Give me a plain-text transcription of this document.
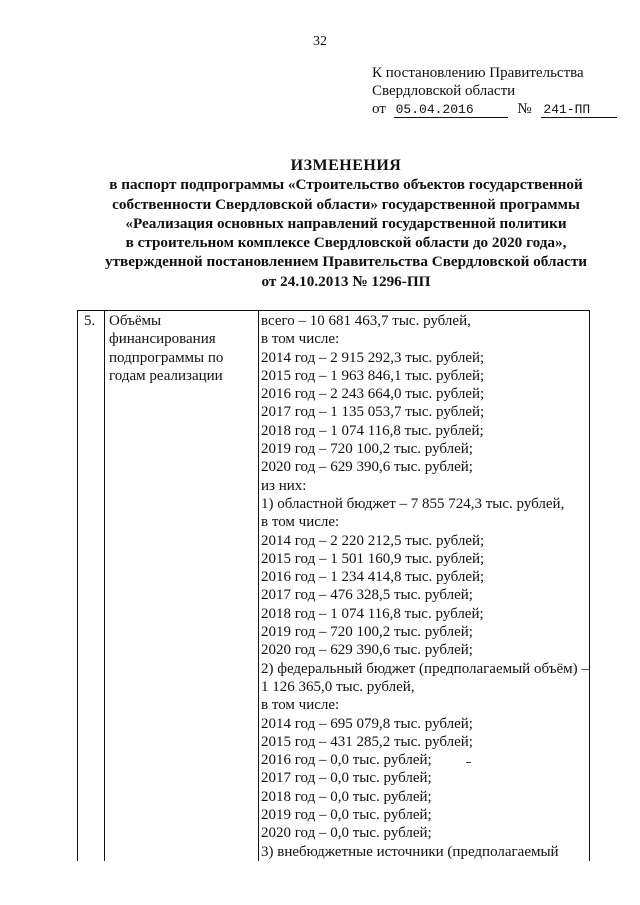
32
К постановлению Правительства
Свердловской области
от 05.04.2016	№ 241-ПП
ИЗМЕНЕНИЯ
в паспорт подпрограммы «Строительство объектов государственной
собственности Свердловской области» государственной программы
«Реализация основных направлений государственной политики
в строительном комплексе Свердловской области до 2020 года»,
утвержденной постановлением Правительства Свердловской области
от 24.10.2013 № 1296-ПП
5.	Объёмы финансирования подпрограммы по годам реализации

всего – 10 681 463,7 тыс. рублей,
в том числе:
2014 год – 2 915 292,3 тыс. рублей;
2015 год – 1 963 846,1 тыс. рублей;
2016 год – 2 243 664,0 тыс. рублей;
2017 год – 1 135 053,7 тыс. рублей;
2018 год – 1 074 116,8 тыс. рублей;
2019 год – 720 100,2 тыс. рублей;
2020 год – 629 390,6 тыс. рублей;
из них:
1) областной бюджет – 7 855 724,3 тыс. рублей,
в том числе:
2014 год – 2 220 212,5 тыс. рублей;
2015 год – 1 501 160,9 тыс. рублей;
2016 год – 1 234 414,8 тыс. рублей;
2017 год – 476 328,5 тыс. рублей;
2018 год – 1 074 116,8 тыс. рублей;
2019 год – 720 100,2 тыс. рублей;
2020 год – 629 390,6 тыс. рублей;
2) федеральный бюджет (предполагаемый объём) –
1 126 365,0 тыс. рублей,
в том числе:
2014 год – 695 079,8 тыс. рублей;
2015 год – 431 285,2 тыс. рублей;
2016 год – 0,0 тыс. рублей;
2017 год – 0,0 тыс. рублей;
2018 год – 0,0 тыс. рублей;
2019 год – 0,0 тыс. рублей;
2020 год – 0,0 тыс. рублей;
3) внебюджетные источники (предполагаемый
